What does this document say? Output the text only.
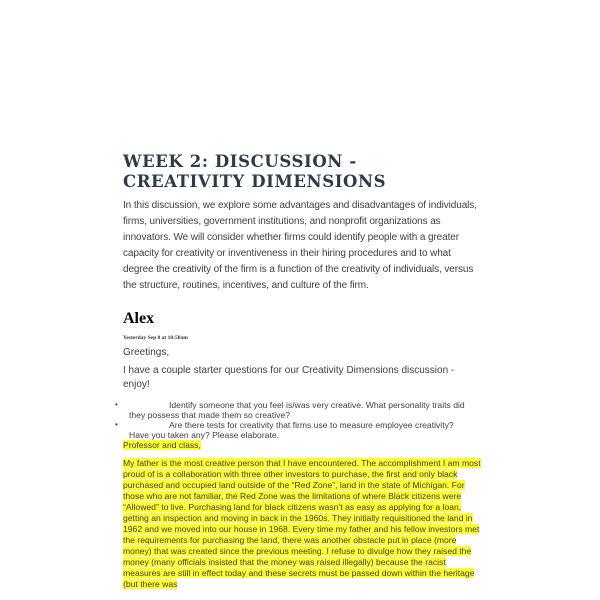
WEEK 2: DISCUSSION - CREATIVITY DIMENSIONS

In this discussion, we explore some advantages and disadvantages of individuals, firms, universities, government institutions, and nonprofit organizations as innovators. We will consider whether firms could identify people with a greater capacity for creativity or inventiveness in their hiring procedures and to what degree the creativity of the firm is a function of the creativity of individuals, versus the structure, routines, incentives, and culture of the firm.

Alex
Yesterday Sep 8 at 10:50am
Greetings,
I have a couple starter questions for our Creativity Dimensions discussion - enjoy!
•	Identify someone that you feel is/was very creative. What personality traits did they possess that made them so creative?
•	Are there tests for creativity that firms use to measure employee creativity? Have you taken any? Please elaborate.

Professor and class,

My father is the most creative person that I have encountered. The accomplishment I am most proud of is a collaboration with three other investors to purchase, the first and only black purchased and occupied land outside of the “Red Zone”, land in the state of Michigan. For those who are not familiar, the Red Zone was the limitations of where Black citizens were “Allowed” to live. Purchasing land for black citizens wasn’t as easy as applying for a loan, getting an inspection and moving in back in the 1960s. They initially requisitioned the land in 1962 and we moved into our house in 1968. Every time my father and his fellow investors met the requirements for purchasing the land, there was another obstacle put in place (more money) that was created since the previous meeting. I refuse to divulge how they raised the money (many officials insisted that the money was raised illegally) because the racist measures are still in effect today and these secrets must be passed down within the heritage (but there was
